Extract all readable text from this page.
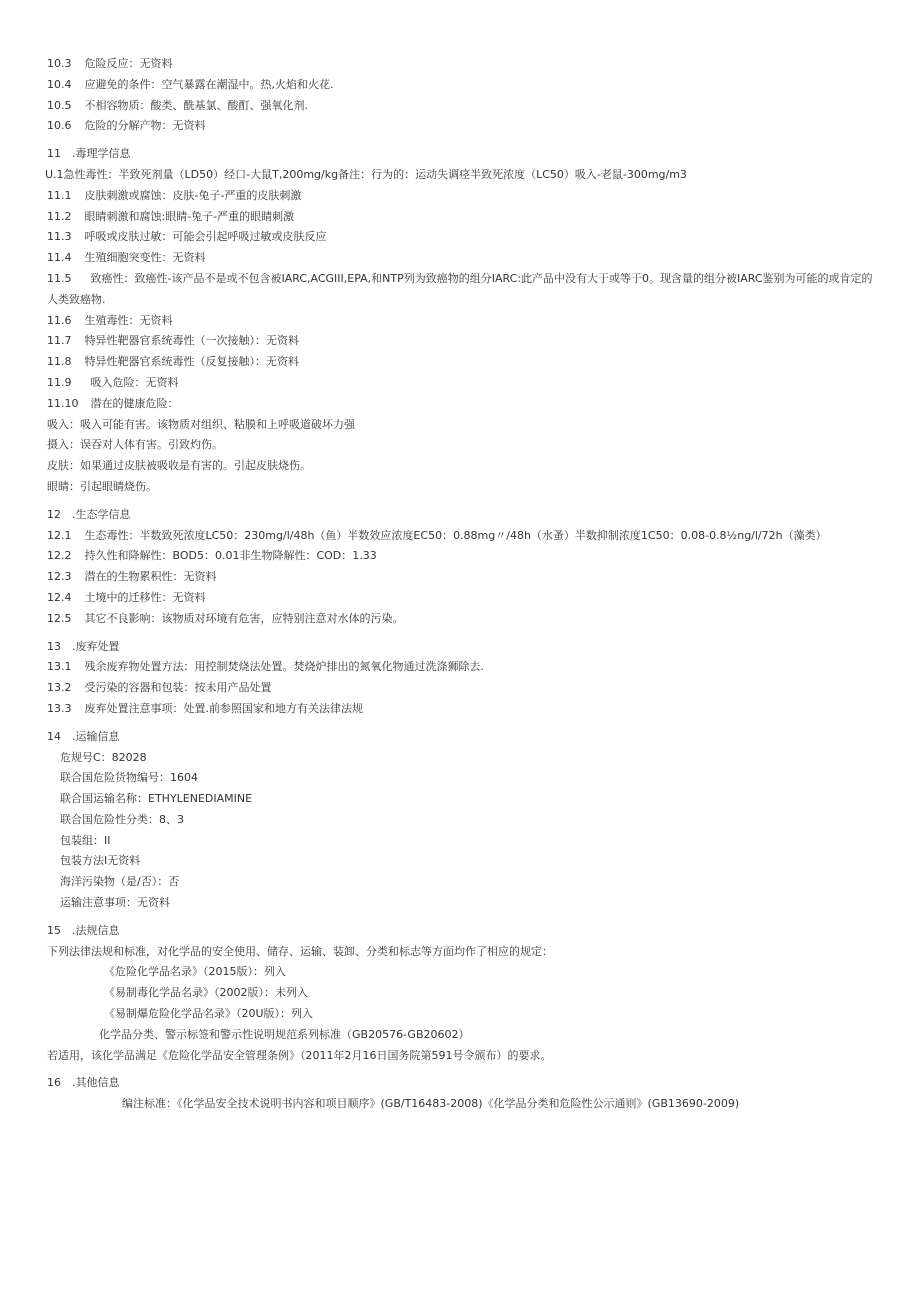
10.3 危险反应：无资料
10.4 应避免的条件：空气暴露在潮湿中。热,火焰和火花.
10.5 不相容物质：酸类、酰基氯、酸酊、强氧化剂.
10.6 危险的分解产物：无资料
11　.毒理学信息
U.1急性毒性：半致死剂量（LD50）经口-大鼠T,200mg/kg备注：行为的：运动失调痉半致死浓度（LC50）吸入-老鼠-300mg/m3
11.1 皮肤刺激或腐蚀：皮肤-兔子-严重的皮肤刺激
11.2 眼睛刺激和腐蚀:眼睛-兔子-严重的眼睛刺激
11.3 呼吸或皮肤过敏：可能会引起呼吸过敏或皮肤反应
11.4 生殖细胞突变性：无资料
11.5 致癌性：致癌性-该产品不是或不包含被IARC,ACGIII,EPA,和NTP列为致癌物的组分IARC:此产品中没有大于或等于0。现含量的组分被IARC鉴别为可能的或肯定的人类致癌物.
11.6 生殖毒性：无资料
11.7 特异性靶器官系统毒性（一次接触）：无资料
11.8 特异性靶器官系统毒性（反复接触）：无资料
11.9 吸入危险：无资料
11.10 潜在的健康危险：
吸入：吸入可能有害。该物质对组织、粘膜和上呼吸道破坏力强
摄入：误吞对人体有害。引致灼伤。
皮肤：如果通过皮肤被吸收是有害的。引起皮肤烧伤。
眼睛：引起眼睛烧伤。
12　.生态学信息
12.1 生态毒性：半数致死浓度LC50：230mg/l/48h（鱼）半数效应浓度EC50：0.88mg〃/48h（水蚤）半数抑制浓度1C50：0.08-0.8½ng/l/72h（藻类）
12.2 持久性和降解性：BOD5：0.01非生物降解性：COD：1.33
12.3 潜在的生物累积性：无资料
12.4 土境中的迁移性：无资料
12.5 其它不良影响：该物质对环境有危害，应特别注意对水体的污染。
13　.废弃处置
13.1 残余废弃物处置方法：用控制焚烧法处置。焚烧炉排出的氮氧化物通过洗涤狮除去.
13.2 受污染的容器和包装：按未用产品处置
13.3 废弃处置注意事项：处置.前参照国家和地方有关法律法规
14　.运输信息
危规号C：82028
联合国危险货物编号：1604
联合国运输名称：ETHYLENEDIAMINE
联合国危险性分类：8、3
包装组：II
包装方法I无资料
海洋污染物（是/否）：否
运输注意事项：无资料
15　.法规信息
下列法律法规和标准，对化学品的安全使用、储存、运输、装卸、分类和标志等方面均作了相应的规定：
《危险化学品名录》（2015版）：列入
《易制毒化学品名录》（2002版）：未列入
《易制爆危险化学品名录》（20U版）：列入
化学品分类、警示标签和警示性说明规范系列标准（GB20576-GB20602）
若适用，该化学品满足《危险化学品安全管理条例》（2011年2月16日国务院第591号令颁布）的要求。
16　.其他信息
编注标准：《化学品安全技术说明书内容和项目顺序》(GB/T16483-2008)《化学品分类和危险性公示通则》(GB13690-2009)
